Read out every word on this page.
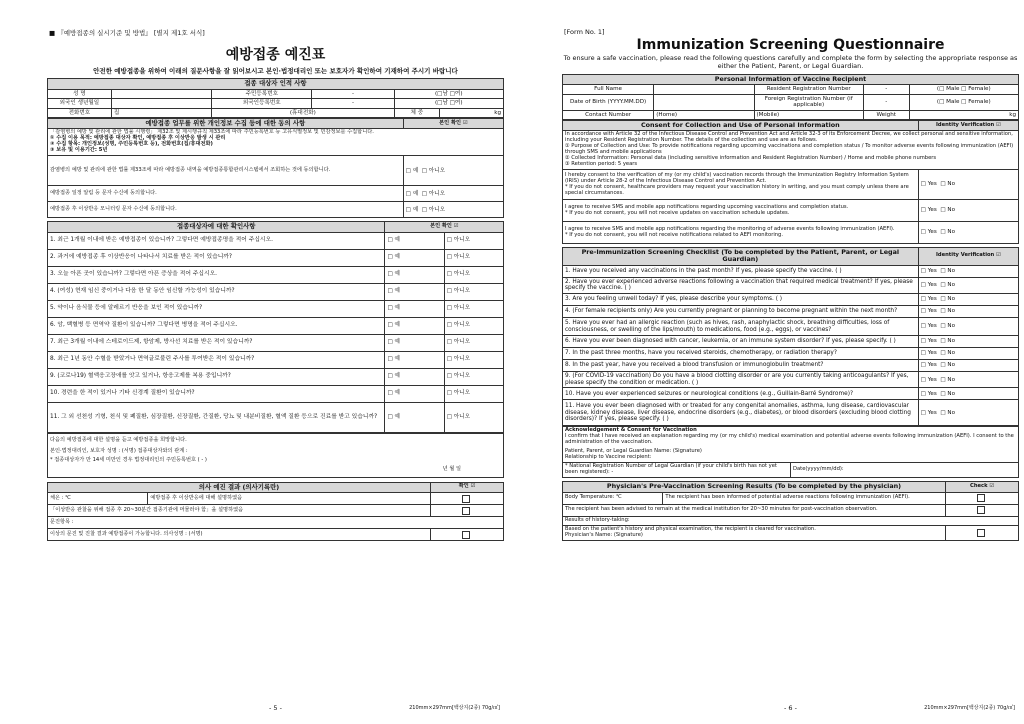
■ 『예방접종의 실시기준 및 방법』 [별지 제1호 서식]
예방접종 예진표
안전한 예방접종을 위하여 이래의 질문사항을 잘 읽어보시고 본인·법정대리인 또는 보호자가 확인하여 기재하여 주시기 바랍니다
접종 대상자 인적 사항					
성 명		주민등록번호	-	(□남 □여)	
외국인 생년월일		외국인등록번호	-	(□남 □여)	
전화번호	집	(휴대전화)		체 중	kg
예방접종 업무를 위한 개인정보 수집 등에 대한 동의 사항	본인 확인 ☑

「감염병의 예방 및 관리에 관한 법률 시행령」 제32조 및 제시행규칙 제33조에 따라 주민등록번호 등 고유식별정보 및 민감정보를 수집합니다.
① 수집 이용 목적: 예방접종 대상자 확인, 예방접종 후 이상반응 발생 시 관리
② 수집 항목: 개인정보(성명, 주민등록번호 등), 전화번호(집/휴대전화)
③ 보유 및 이용기간: 5년	

감염병의 예방 및 관리에 관한 법률 제33조에 따라 예방접종 내역을 예방접종통합관리시스템에서 조회하는 것에 동의합니다.	□ 예 □ 아니오
예방접종 일정 알림 등 문자 수신에 동의합니다.	□ 예 □ 아니오
예방접종 후 이상반응 모니터링 문자 수신에 동의합니다.	□ 예 □ 아니오
접종대상자에 대한 확인사항	본인 확인 ☑	
1. 최근 1개월 이내에 받은 예방접종이 있습니까? 그렇다면 예방접종명을 적어 주십시오.	□ 예	□ 아니오
2. 과거에 예방접종 후 이상반응이 나타나서 치료를 받은 적이 있습니까?	□ 예	□ 아니오
3. 오늘 아픈 곳이 있습니까? 그렇다면 아픈 증상을 적어 주십시오.	□ 예	□ 아니오
4. (여성) 현재 임신 중이거나 다음 한 달 동안 임신할 가능성이 있습니까?	□ 예	□ 아니오
5. 약이나 음식물 등에 알레르기 반응을 보인 적이 있습니까?	□ 예	□ 아니오
6. 암, 백혈병 등 면역약 질환이 있습니까? 그렇다면 병명을 적어 주십시오.	□ 예	□ 아니오
7. 최근 3개월 이내에 스테로이드제, 항암제, 방사선 치료를 받은 적이 있습니까?	□ 예	□ 아니오
8. 최근 1년 동안 수혈을 받았거나 면역글로불린 주사를 투여받은 적이 있습니까?	□ 예	□ 아니오
9. (코로나19) 혈액응고장애를 앗고 있거나, 항응고제를 복용 중입니까?	□ 예	□ 아니오
10. 경련을 한 적이 있거나 기타 신경계 질환이 있습니까?	□ 예	□ 아니오
11. 그 외 선천성 기형, 천식 및 폐질환, 심장질환, 신장질환, 간질환, 당뇨 및 내분비질환, 혈액 질환 등으로 진료를 받고 있습니까?	□ 예	□ 아니오
다음의 예방접종에 대한 설명을 듣고 예방접종을 희망합니다.
본인·법정대리인, 보호자 성명 : (서명) 접종대상자와의 관계 :
* 접종대상자가 만 14세 미만인 경우 법정대리인의 주민등록번호 ( - )
년 월 일
의사 예진 결과 (의사기록란)		확인 ☑
체온 : ℃	예방접종 후 이상반응에 대해 설명하였음	
「이상반응 관찰을 위해 접종 후 20~30분간 접종기관에 머물러야 함」을 설명하였음		
문진항목 :		
이상의 문진 및 진찰 결과 예방접종이 가능합니다. 의사성명 : (서명)		
- 5 -	210mm×297mm[백상지(2종) 70g/㎡]
[Form No. 1]
Immunization Screening Questionnaire
To ensure a safe vaccination, please read the following questions carefully and complete the form by selecting the appropriate response as either the Patient, Parent, or Legal Guardian.
Personal Information of Vaccine Recipient				
Full Name		Resident Registration Number	-	(□ Male □ Female)
Date of Birth (YYYY.MM.DD)		Foreign Registration Number (if applicable)	-	(□ Male □ Female)
Contact Number	(Home)	(Mobile)	Weight	kg
Consent for Collection and Use of Personal Information	Identity Verification ☑

In accordance with Article 32 of the Infectious Disease Control and Prevention Act and Article 32-3 of its Enforcement Decree, we collect personal and sensitive information, including your Resident Registration Number. The details of the collection and use are as follows.
① Purpose of Collection and Use: To provide notifications regarding upcoming vaccinations and completion status / To monitor adverse events following immunization (AEFI) through SMS and mobile applications
② Collected Information: Personal data (including sensitive information and Resident Registration Number) / Home and mobile phone numbers
③ Retention period: 5 years	

I hereby consent to the verification of my (or my child's) vaccination records through the Immunization Registry Information System (IRIS) under Article 28-2 of the Infectious Disease Control and Prevention Act.
* If you do not consent, healthcare providers may request your vaccination history in writing, and you must comply unless there are special circumstances.	□ Yes □ No

I agree to receive SMS and mobile app notifications regarding upcoming vaccinations and completion status.
* If you do not consent, you will not receive updates on vaccination schedule updates.	□ Yes □ No

I agree to receive SMS and mobile app notifications regarding the monitoring of adverse events following immunization (AEFI).
* If you do not consent, you will not receive notifications related to AEFI monitoring.	□ Yes □ No
Pre-Immunization Screening Checklist (To be completed by the Patient, Parent, or Legal Guardian)	Identity Verification ☑
1. Have you received any vaccinations in the past month? If yes, please specify the vaccine. ( )	□ Yes □ No
2. Have you ever experienced adverse reactions following a vaccination that required medical treatment? If yes, please specify the vaccine. ( )	□ Yes □ No
3. Are you feeling unwell today? If yes, please describe your symptoms. ( )	□ Yes □ No
4. (For female recipients only) Are you currently pregnant or planning to become pregnant within the next month?	□ Yes □ No
5. Have you ever had an allergic reaction (such as hives, rash, anaphylactic shock, breathing difficulties, loss of consciousness, or swelling of the lips/mouth) to medications, food (e.g., eggs), or vaccines?	□ Yes □ No
6. Have you ever been diagnosed with cancer, leukemia, or an immune system disorder? If yes, please specify. ( )	□ Yes □ No
7. In the past three months, have you received steroids, chemotherapy, or radiation therapy?	□ Yes □ No
8. In the past year, have you received a blood transfusion or immunoglobulin treatment?	□ Yes □ No
9. (For COVID-19 vaccination) Do you have a blood clotting disorder or are you currently taking anticoagulants? If yes, please specify the condition or medication. ( )	□ Yes □ No
10. Have you ever experienced seizures or neurological conditions (e.g., Guillain-Barré Syndrome)?	□ Yes □ No
11. Have you ever been diagnosed with or treated for any congenital anomalies, asthma, lung disease, cardiovascular disease, kidney disease, liver disease, endocrine disorders (e.g., diabetes), or blood disorders (excluding blood clotting disorders)? If yes, please specify. ( )	□ Yes □ No
Acknowledgement & Consent for Vaccination
I confirm that I have received an explanation regarding my (or my child's) medical examination and potential adverse events following immunization (AEFI). I consent to the administration of the vaccination.
Patient, Parent, or Legal Guardian Name: (Signature)
Relationship to Vaccine recipient:

* National Registration Number of Legal Guardian (if your child's birth has not yet been registered): -	Date(yyyy/mm/dd):
Physician's Pre-Vaccination Screening Results (To be completed by the physician)		Check ☑
Body Temperature: ℃	The recipient has been informed of potential adverse reactions following immunization (AEFI).	
The recipient has been advised to remain at the medical institution for 20~30 minutes for post-vaccination observation.		
Results of history-taking:		

Based on the patient's history and physical examination, the recipient is cleared for vaccination.
Physician's Name: (Signature)		

- 6 -	210mm×297mm[백상지(2종) 70g/㎡]
